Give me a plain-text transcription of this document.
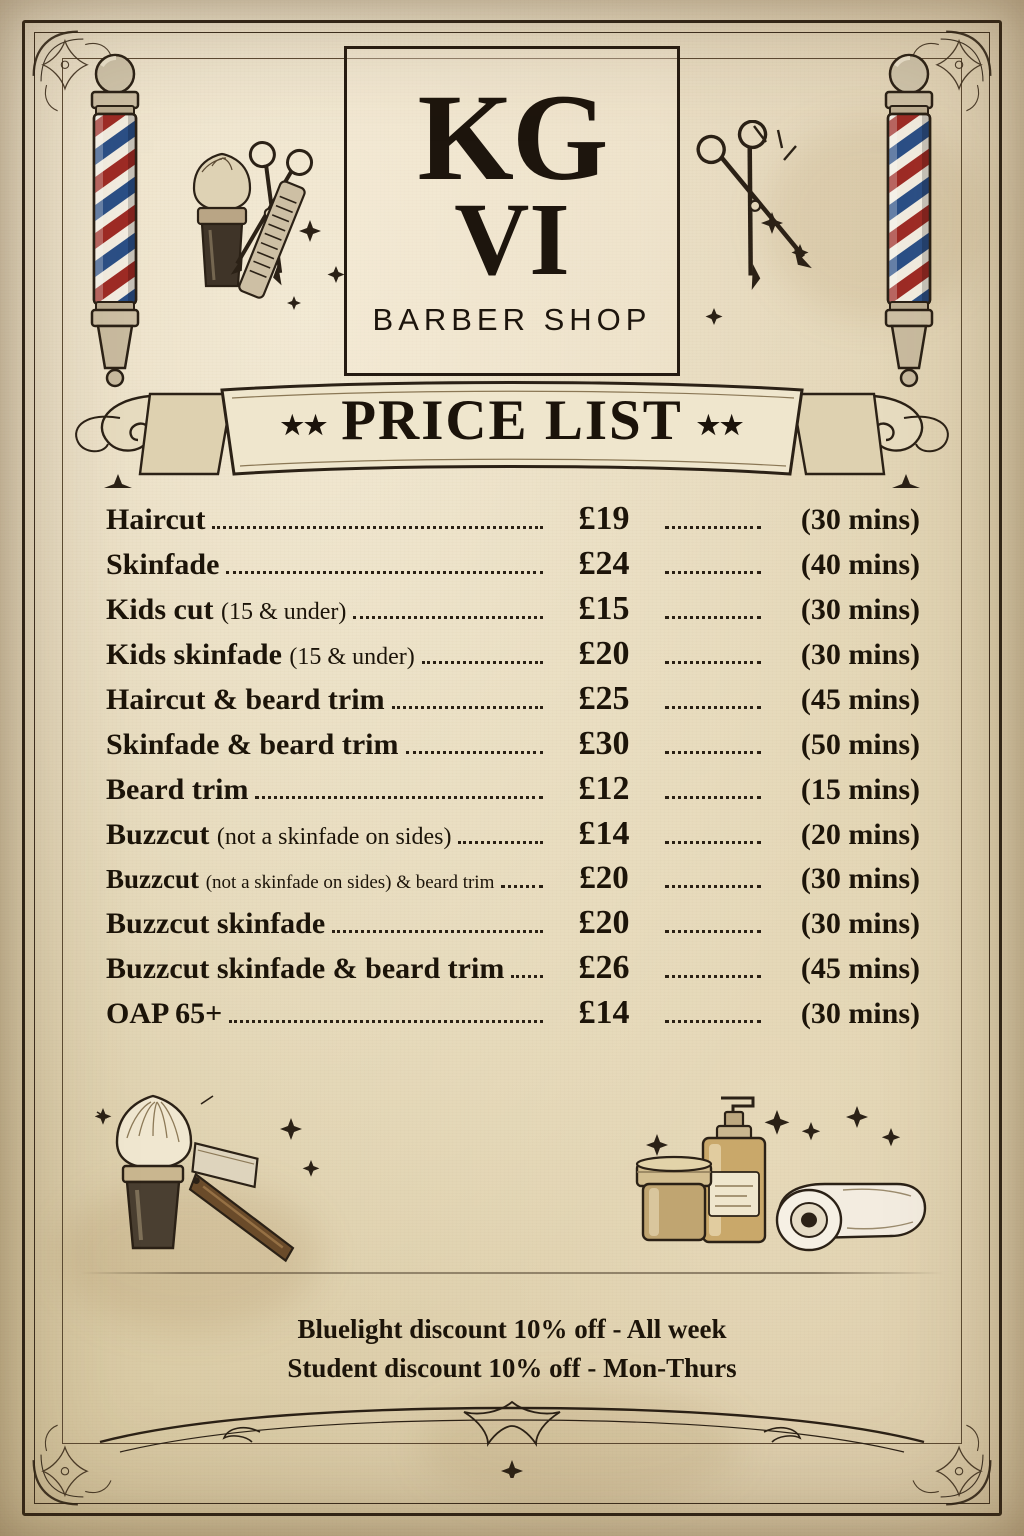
KG
VI
BARBER SHOP
★★ PRICE LIST ★★
Haircut	£19	(30 mins)
Skinfade	£24	(40 mins)
Kids cut (15 & under)	£15	(30 mins)
Kids skinfade (15 & under)	£20	(30 mins)
Haircut & beard trim	£25	(45 mins)
Skinfade & beard trim	£30	(50 mins)
Beard trim	£12	(15 mins)
Buzzcut (not a skinfade on sides)	£14	(20 mins)
Buzzcut (not a skinfade on sides) & beard trim	£20	(30 mins)
Buzzcut skinfade	£20	(30 mins)
Buzzcut skinfade & beard trim	£26	(45 mins)
OAP 65+	£14	(30 mins)
Bluelight discount 10% off - All week
Student discount 10% off - Mon-Thurs
